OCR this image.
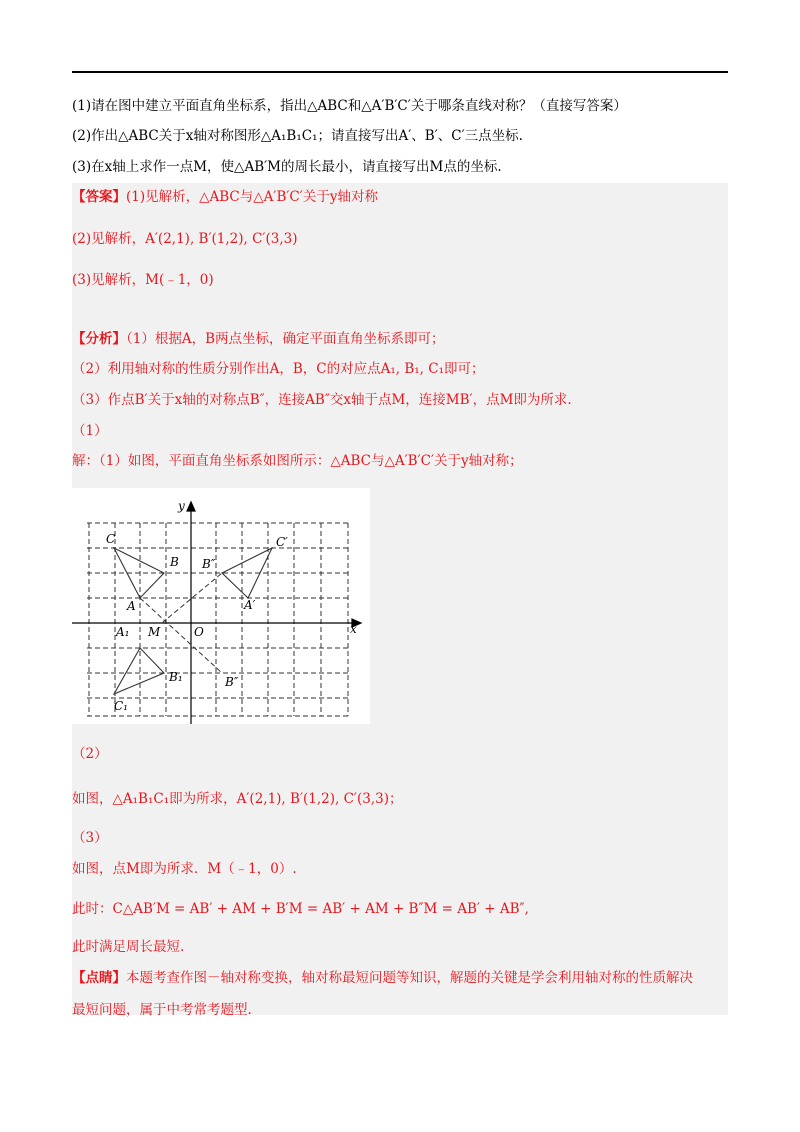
(1)请在图中建立平面直角坐标系，指出△ABC和△A′B′C′关于哪条直线对称？（直接写答案）
(2)作出△ABC关于x轴对称图形△A₁B₁C₁；请直接写出A′、B′、C′三点坐标.
(3)在x轴上求作一点M，使△AB′M的周长最小，请直接写出M点的坐标.
【答案】(1)见解析，△ABC与△A′B′C′关于y轴对称
(2)见解析，A′(2,1), B′(1,2), C′(3,3)
(3)见解析，M(﹣1，0)
【分析】（1）根据A，B两点坐标，确定平面直角坐标系即可；
（2）利用轴对称的性质分别作出A，B，C的对应点A₁, B₁, C₁即可；
（3）作点B′关于x轴的对称点B″，连接AB″交x轴于点M，连接MB′，点M即为所求.
（1）
解：（1）如图，平面直角坐标系如图所示：△ABC与△A′B′C′关于y轴对称；
C
B
A
C′
B″
A′
A₁ M	O
B₁	B″
C₁
x
y
（2）
如图，△A₁B₁C₁即为所求，A′(2,1), B′(1,2), C′(3,3)；
（3）
如图，点M即为所求．M（﹣1，0）.
此时：C△AB′M = AB′ + AM + B′M = AB′ + AM + B″M = AB′ + AB″,
此时满足周长最短.
【点睛】本题考查作图－轴对称变换，轴对称最短问题等知识，解题的关键是学会利用轴对称的性质解决
最短问题，属于中考常考题型.
